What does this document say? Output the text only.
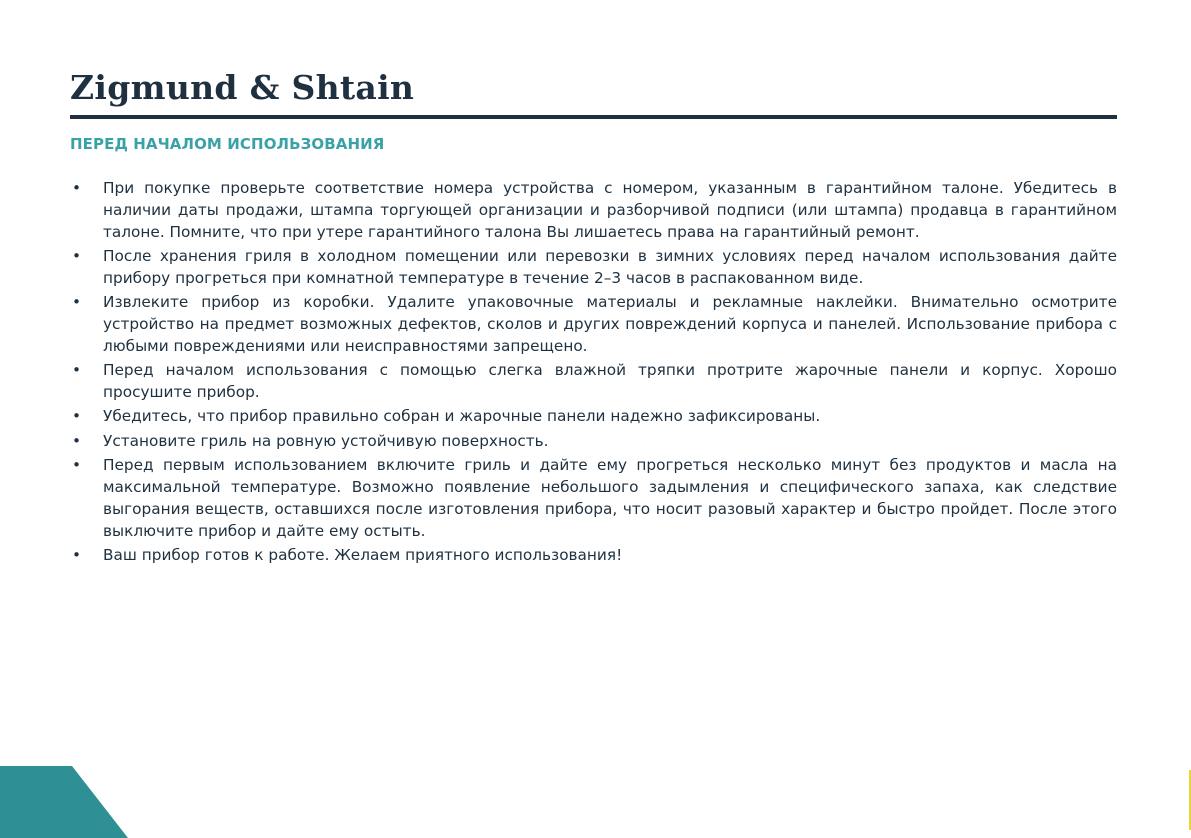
Zigmund & Shtain
ПЕРЕД НАЧАЛОМ ИСПОЛЬЗОВАНИЯ
• При покупке проверьте соответствие номера устройства с номером, указанным в гарантийном талоне. Убедитесь в наличии даты продажи, штампа торгующей организации и разборчивой подписи (или штампа) продавца в гарантийном талоне. Помните, что при утере гарантийного талона Вы лишаетесь права на гарантийный ремонт.
• После хранения гриля в холодном помещении или перевозки в зимних условиях перед началом использования дайте прибору прогреться при комнатной температуре в течение 2–3 часов в распакованном виде.
• Извлеките прибор из коробки. Удалите упаковочные материалы и рекламные наклейки. Внимательно осмотрите устройство на предмет возможных дефектов, сколов и других повреждений корпуса и панелей. Использование прибора с любыми повреждениями или неисправностями запрещено.
• Перед началом использования с помощью слегка влажной тряпки протрите жарочные панели и корпус. Хорошо просушите прибор.
• Убедитесь, что прибор правильно собран и жарочные панели надежно зафиксированы.
• Установите гриль на ровную устойчивую поверхность.
• Перед первым использованием включите гриль и дайте ему прогреться несколько минут без продуктов и масла на максимальной температуре. Возможно появление небольшого задымления и специфического запаха, как следствие выгорания веществ, оставшихся после изготовления прибора, что носит разовый характер и быстро пройдет. После этого выключите прибор и дайте ему остыть.
• Ваш прибор готов к работе. Желаем приятного использования!
